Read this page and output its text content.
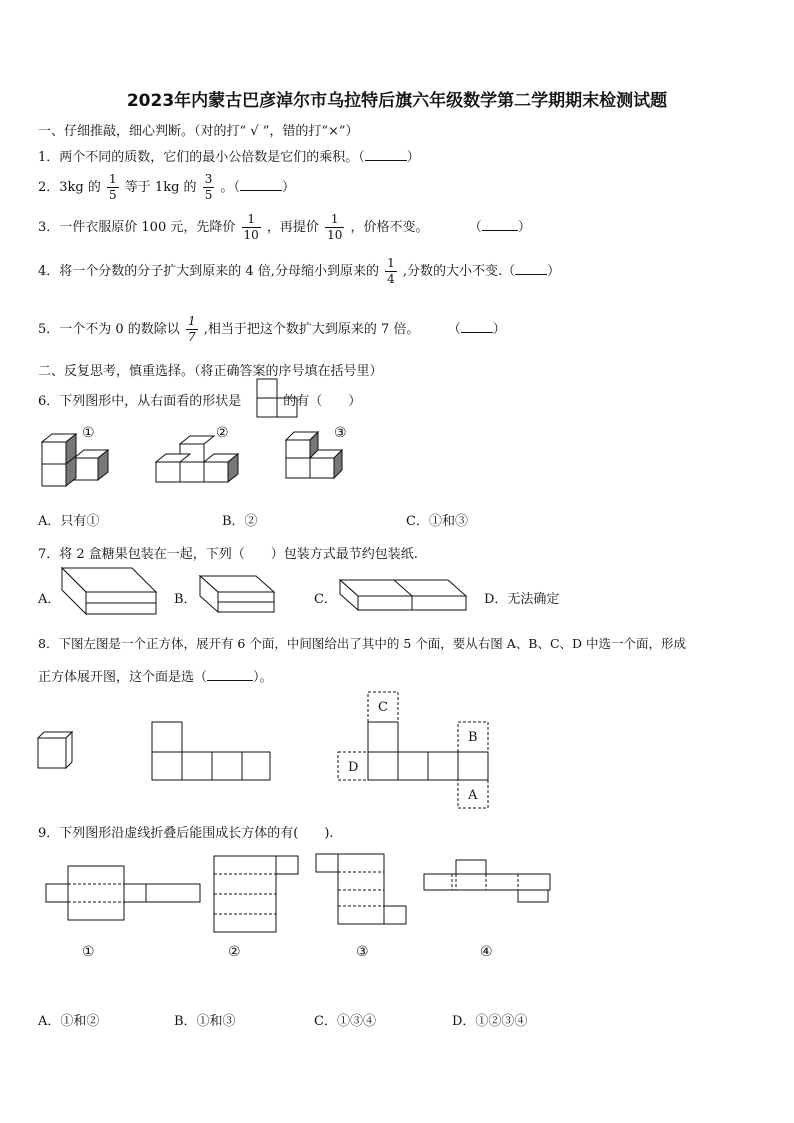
2023年内蒙古巴彦淖尔市乌拉特后旗六年级数学第二学期期末检测试题
一、仔细推敲，细心判断。（对的打“ √ ”，错的打“×”）
1．两个不同的质数，它们的最小公倍数是它们的乘积。（	）
2．3kg 的 $\frac{1}{5}$ 等于 1kg 的 $\frac{3}{5}$ 。（	）
3．一件衣服原价 100 元，先降价 $\frac{1}{10}$ ，再提价 $\frac{1}{10}$ ，价格不变。	（	）
4．将一个分数的分子扩大到原来的 4 倍,分母缩小到原来的 $\frac{1}{4}$ ,分数的大小不变.（ ）
5．一个不为 0 的数除以 $\frac{1}{7}$ ,相当于把这个数扩大到原来的 7 倍。 （ ）
二、反复思考，慎重选择。（将正确答案的序号填在括号里）
6．下列图形中，从右面看的形状是	的有（　　）
①	②	③
A．只有①	B．②	C．①和③
7．将 2 盒糖果包装在一起，下列（　　）包装方式最节约包装纸.
A．	B．	C．	D．无法确定
8．下图左图是一个正方体，展开有 6 个面，中间图给出了其中的 5 个面，要从右图 A、B、C、D 中选一个面，形成
正方体展开图，这个面是选（	）。
C
D
B
A
9．下列图形沿虚线折叠后能围成长方体的有(　　).
①	②	③	④
A．①和②	B．①和③	C．①③④	D．①②③④
